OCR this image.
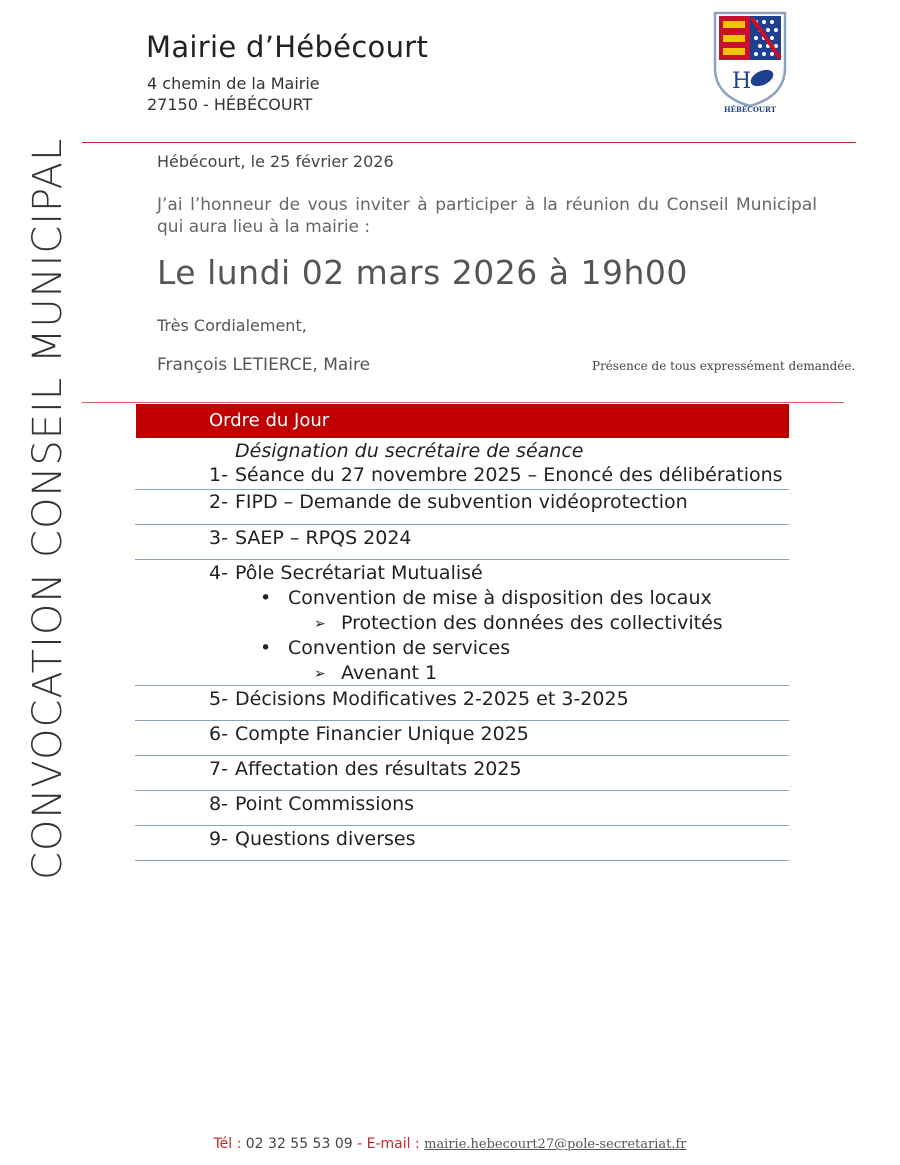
CONVOCATION CONSEIL MUNICIPAL
Mairie d’Hébécourt
4 chemin de la Mairie
27150 - HÉBÉCOURT
H
HÉBÉCOURT
Hébécourt, le 25 février 2026
J’ai l’honneur de vous inviter à participer à la réunion du Conseil Municipal qui aura lieu à la mairie :
Le lundi 02 mars 2026 à 19h00
Très Cordialement,
François LETIERCE, Maire	Présence de tous expressément demandée.
Ordre du Jour
Désignation du secrétaire de séance
1- Séance du 27 novembre 2025 – Enoncé des délibérations
2- FIPD – Demande de subvention vidéoprotection
3- SAEP – RPQS 2024
4- Pôle Secrétariat Mutualisé
• Convention de mise à disposition des locaux
➢ Protection des données des collectivités
• Convention de services
➢ Avenant 1
5- Décisions Modificatives 2-2025 et 3-2025
6- Compte Financier Unique 2025
7- Affectation des résultats 2025
8- Point Commissions
9- Questions diverses
Tél : 02 32 55 53 09 - E-mail : mairie.hebecourt27@pole-secretariat.fr
